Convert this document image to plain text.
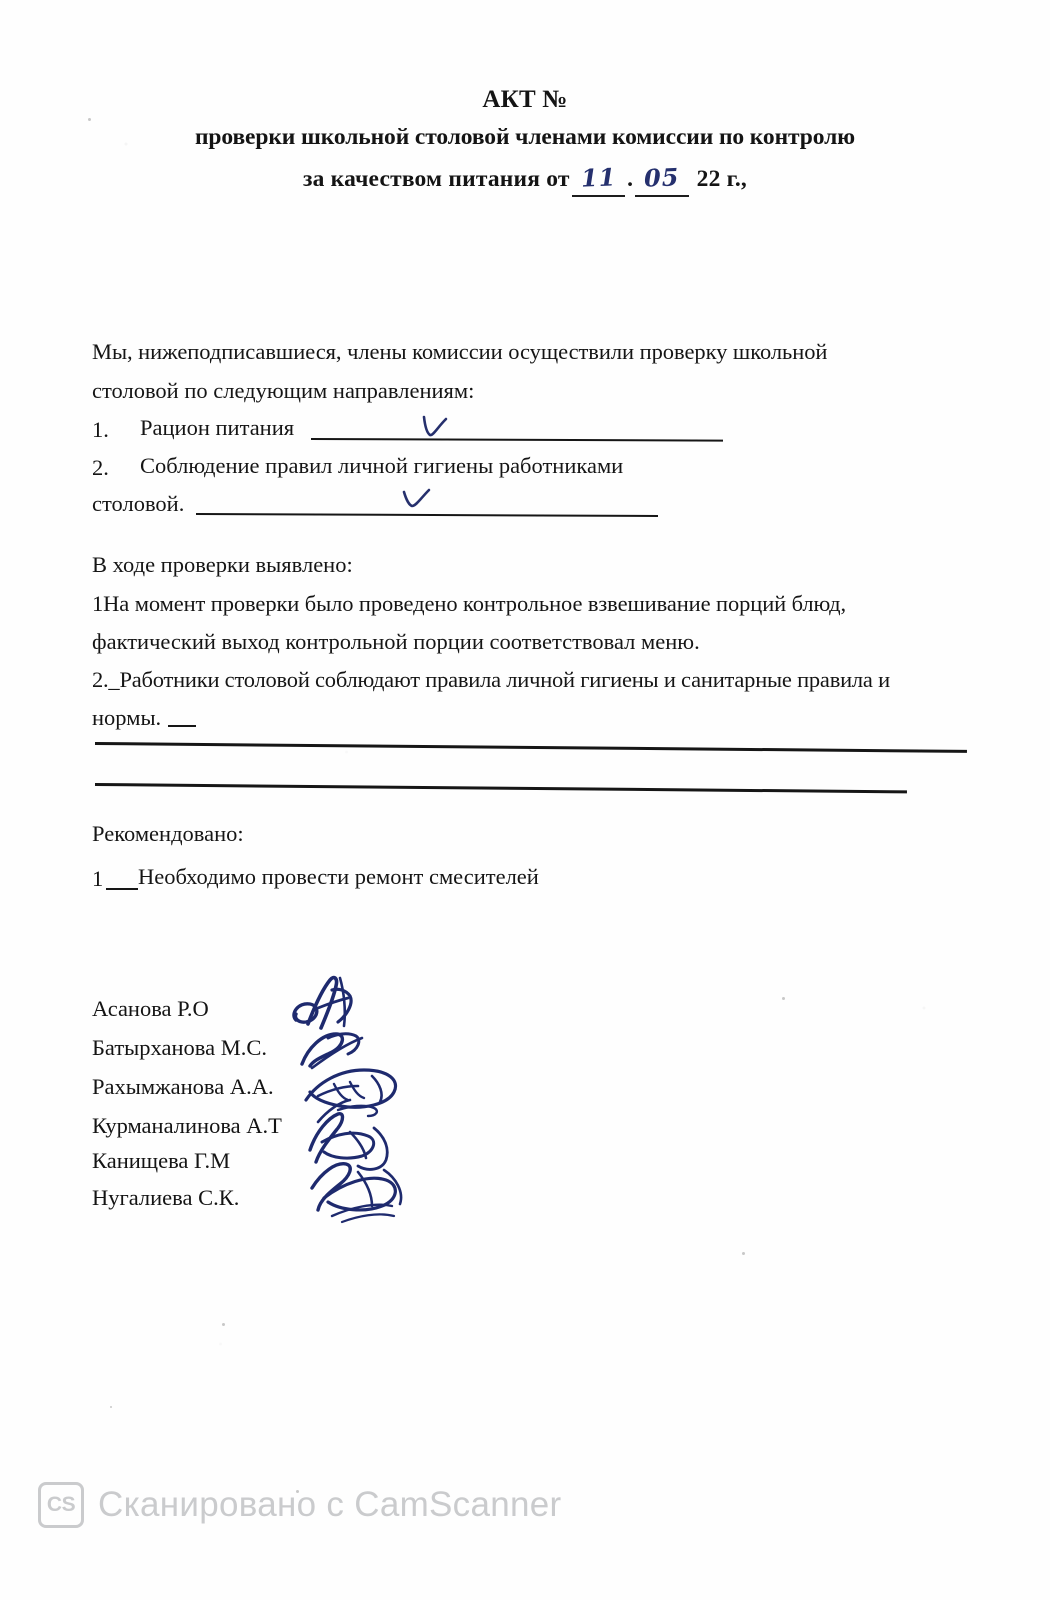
АКТ №
проверки школьной столовой членами комиссии по контролю
за качеством питания от 11 . 05 22 г.,
Мы, нижеподписавшиеся, члены комиссии осуществили проверку школьной
столовой по следующим направлениям:
1. Рацион питания
2. Соблюдение правил личной гигиены работниками
столовой.
В ходе проверки выявлено:
1На момент проверки было проведено контрольное взвешивание порций блюд,
фактический выход контрольной порции соответствовал меню.
2._Работники столовой соблюдают правила личной гигиены и санитарные правила и
нормы.
Рекомендовано:
1 Необходимо провести ремонт смесителей
Асанова Р.О
Батырханова М.С.
Рахымжанова А.А.
Курманалинова А.Т
Канищева Г.М
Нугалиева С.К.
CS Сканировано с CamScanner
